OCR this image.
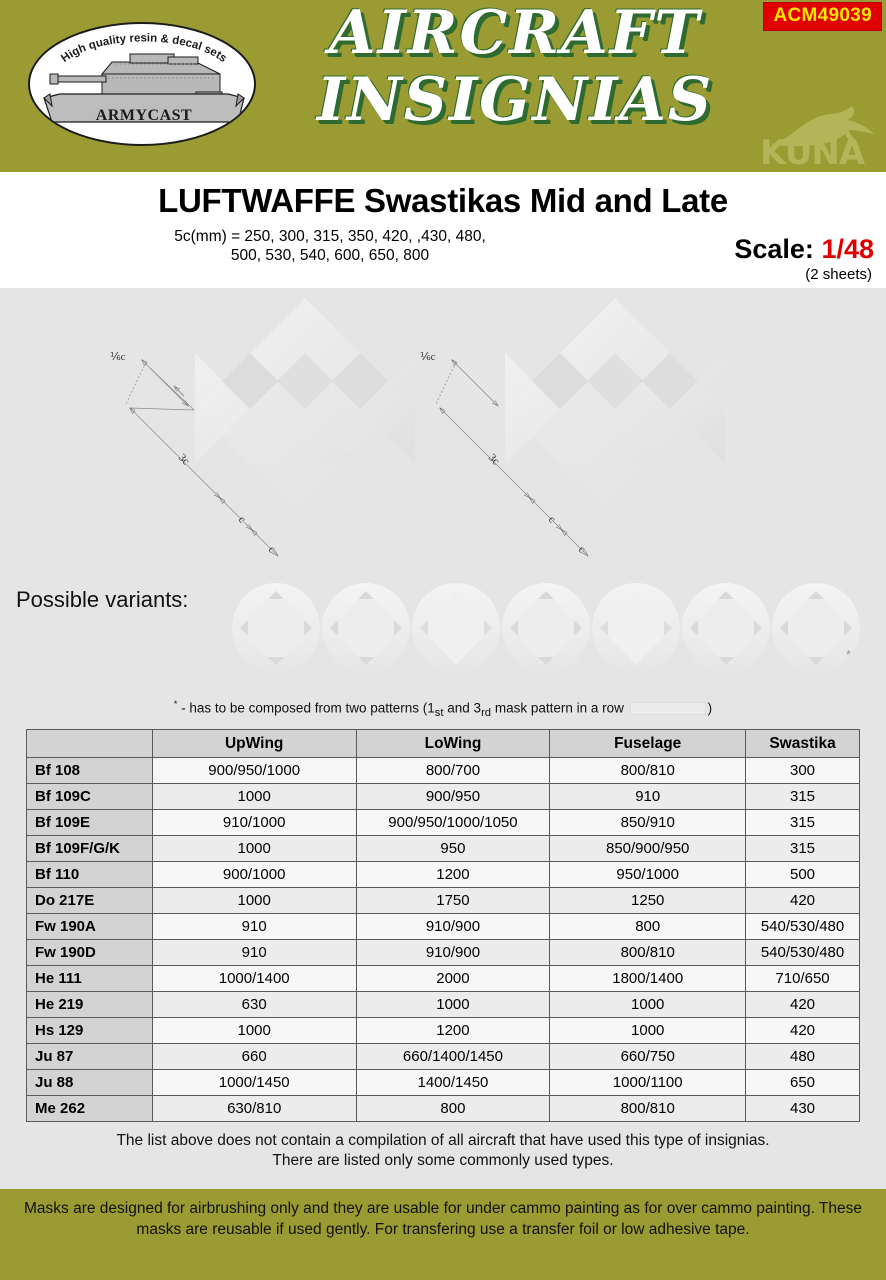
High quality resin & decal sets
ARMYCAST
AIRCRAFT
INSIGNIAS
ACM49039
KUNA
LUFTWAFFE Swastikas Mid and Late
5c(mm) = 250, 300, 315, 350, 420, ,430, 480,
500, 530, 540, 600, 650, 800	Scale: 1/48
(2 sheets)
⅙c
3c
c
c
⅙c
3c
c
c
Possible variants:
*
* - has to be composed from two patterns ($1_{st}$ and $3_{rd}$ mask pattern in a row	)
	UpWing	LoWing	Fuselage	Swastika
Bf 108	900/950/1000	800/700	800/810	300
Bf 109C	1000	900/950	910	315
Bf 109E	910/1000	900/950/1000/1050	850/910	315
Bf 109F/G/K	1000	950	850/900/950	315
Bf 110	900/1000	1200	950/1000	500
Do 217E	1000	1750	1250	420
Fw 190A	910	910/900	800	540/530/480
Fw 190D	910	910/900	800/810	540/530/480
He 111	1000/1400	2000	1800/1400	710/650
He 219	630	1000	1000	420
Hs 129	1000	1200	1000	420
Ju 87	660	660/1400/1450	660/750	480
Ju 88	1000/1450	1400/1450	1000/1100	650
Me 262	630/810	800	800/810	430
The list above does not contain a compilation of all aircraft that have used this type of insignias.
There are listed only some commonly used types.
Masks are designed for airbrushing only and they are usable for under cammo painting as for over cammo painting. These masks are reusable if used gently. For transfering use a transfer foil or low adhesive tape.
